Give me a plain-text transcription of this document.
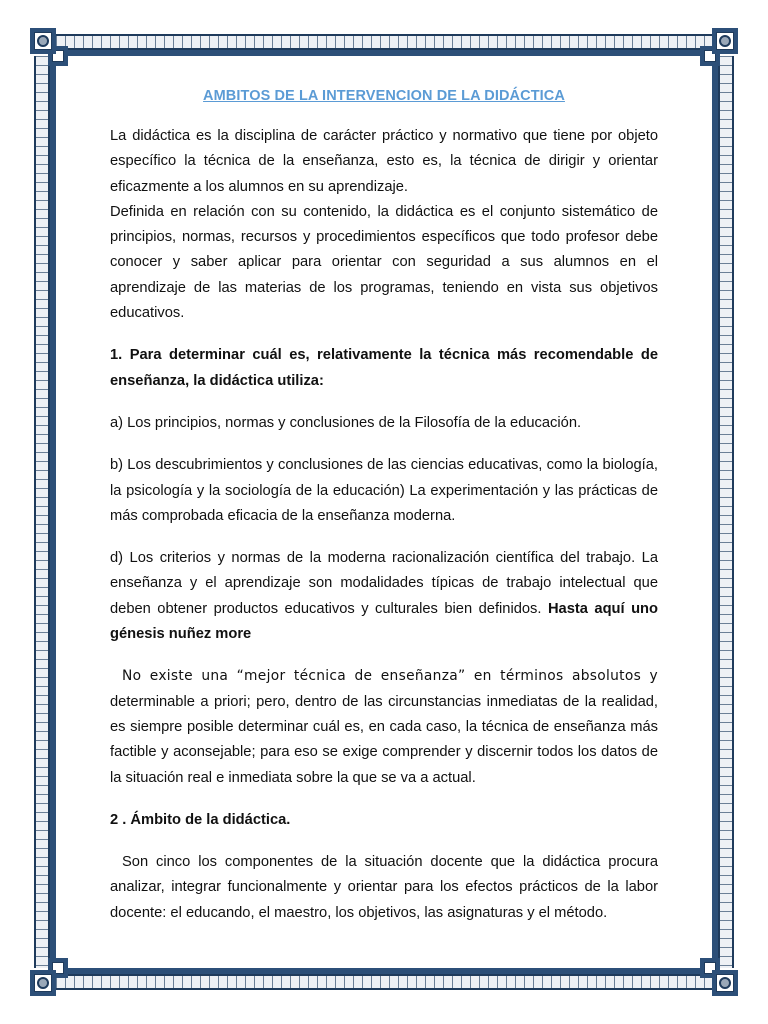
AMBITOS DE LA INTERVENCION DE LA DIDÁCTICA

La didáctica es la disciplina de carácter práctico y normativo que tiene por objeto específico la técnica de la enseñanza, esto es, la técnica de dirigir y orientar eficazmente a los alumnos en su aprendizaje.
Definida en relación con su contenido, la didáctica es el conjunto sistemático de principios, normas, recursos y procedimientos específicos que todo profesor debe conocer y saber aplicar para orientar con seguridad a sus alumnos en el aprendizaje de las materias de los programas, teniendo en vista sus objetivos educativos.

1. Para determinar cuál es, relativamente la técnica más recomendable de enseñanza, la didáctica utiliza:

a) Los principios, normas y conclusiones de la Filosofía de la educación.

b) Los descubrimientos y conclusiones de las ciencias educativas, como la biología, la psicología y la sociología de la educación) La experimentación y las prácticas de más comprobada eficacia de la enseñanza moderna.

d) Los criterios y normas de la moderna racionalización científica del trabajo. La enseñanza y el aprendizaje son modalidades típicas de trabajo intelectual que deben obtener productos educativos y culturales bien definidos. Hasta aquí uno génesis nuñez more

No existe una “mejor técnica de enseñanza” en términos absolutos y determinable a priori; pero, dentro de las circunstancias inmediatas de la realidad, es siempre posible determinar cuál es, en cada caso, la técnica de enseñanza más factible y aconsejable; para eso se exige comprender y discernir todos los datos de la situación real e inmediata sobre la que se va a actual.

2 . Ámbito de la didáctica.

Son cinco los componentes de la situación docente que la didáctica procura analizar, integrar funcionalmente y orientar para los efectos prácticos de la labor docente: el educando, el maestro, los objetivos, las asignaturas y el método.
